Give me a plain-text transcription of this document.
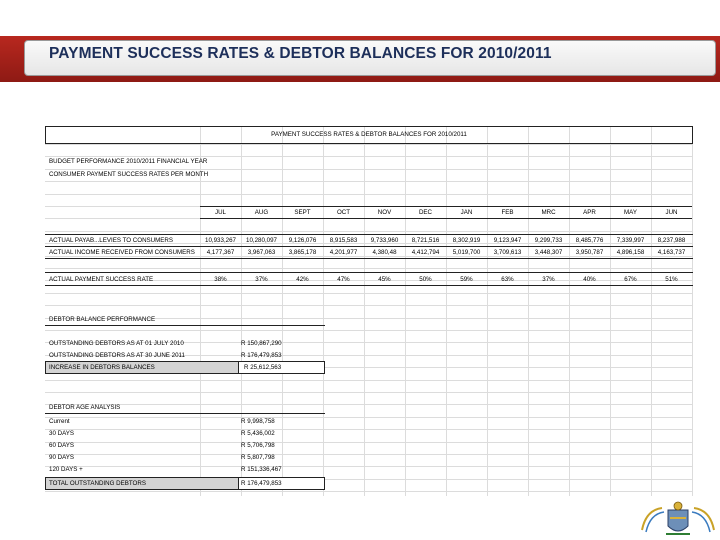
PAYMENT SUCCESS RATES & DEBTOR BALANCES FOR 2010/2011
PAYMENT SUCCESS RATES & DEBTOR BALANCES FOR 2010/2011
BUDGET PERFORMANCE 2010/2011 FINANCIAL YEAR
CONSUMER PAYMENT SUCCESS RATES PER MONTH
JUL	AUG	SEPT	OCT	NOV	DEC	JAN	FEB	MRC	APR	MAY	JUN
ACTUAL PAYAB...LEVIES TO CONSUMERS	10,933,267	10,280,097	9,126,076	8,915,583	9,733,960	8,721,516	8,302,919	9,123,947	9,299,733	8,485,776	7,339,997	8,237,988
ACTUAL INCOME RECEIVED FROM CONSUMERS	4,177,367	3,967,063	3,865,178	4,201,977	4,380,48	4,412,794	5,019,700	3,709,613	3,448,307	3,950,787	4,896,158	4,163,737
ACTUAL PAYMENT SUCCESS RATE	38%	37%	42%	47%	45%	50%	59%	63%	37%	40%	67%	51%
DEBTOR BALANCE PERFORMANCE
OUTSTANDING DEBTORS AS AT 01 JULY 2010	R 150,867,290
OUTSTANDING DEBTORS AS AT 30 JUNE 2011	R 176,479,853
INCREASE IN DEBTORS BALANCES	R 25,612,563
DEBTOR AGE ANALYSIS
Current	R 9,998,758
30 DAYS	R 5,436,002
60 DAYS	R 5,706,798
90 DAYS	R 5,807,798
120 DAYS +	R 151,336,467
TOTAL OUTSTANDING DEBTORS	R 176,479,853
